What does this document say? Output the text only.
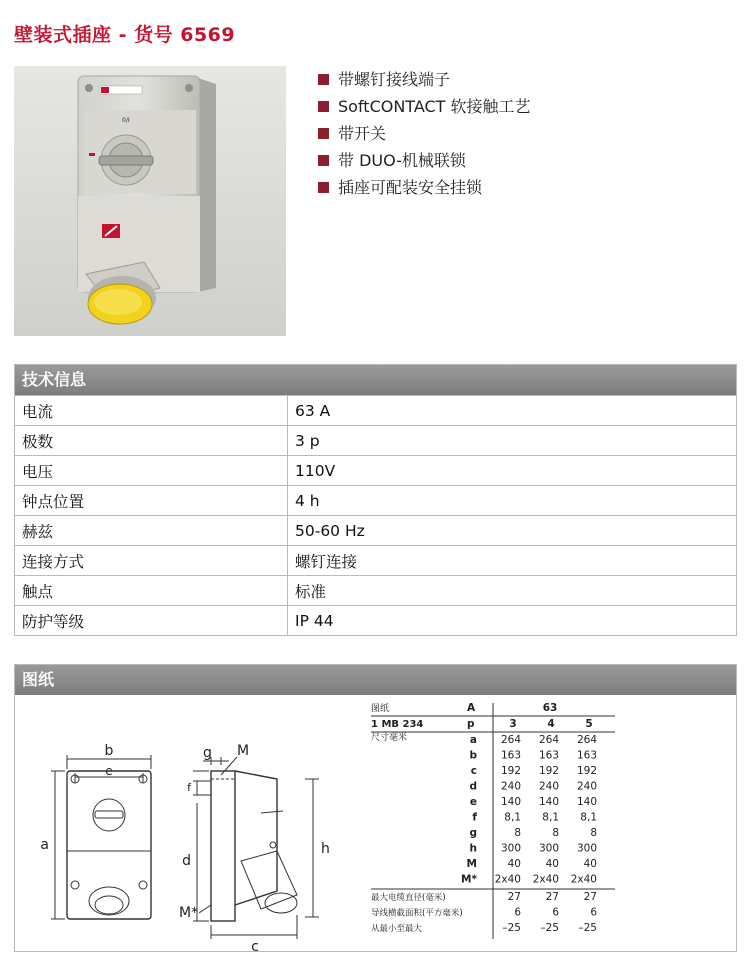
壁装式插座 - 货号 6569
0/I
带螺钉接线端子
SoftCONTACT 软接触工艺
带开关
带 DUO-机械联锁
插座可配装安全挂锁
技术信息
电流	63 A
极数	3 p
电压	110V
钟点位置	4 h
赫兹	50-60 Hz
连接方式	螺钉连接
触点	标准
防护等级	IP 44
图纸
b
e
a
f
d
c
h
g M
M*
图纸	A	63
1 MB 234	p	3	4	5
尺寸毫米	a 264 264 264
b 163 163 163
c 192 192 192
d 240 240 240
e 140 140 140
f	8,1 8,1 8,1
g	8	8	8
h 300 300 300
M	40 40 40
M* 2x40 2x40 2x40
最大电缆直径(毫米)	27 27 27
导线横截面积(平方毫米)	6	6	6
从最小至最大	–25 –25 –25
